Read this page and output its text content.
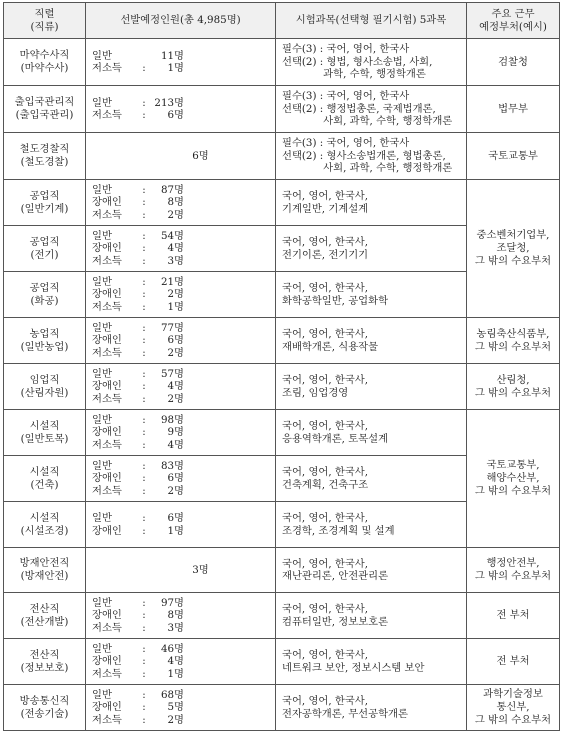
직렬
(직류)	선발예정인원(총 4,985명)	시험과목(선택형 필기시험) 5과목	주요 근무
예정부처(예시)

마약수사직
(마약수사)	일반 11명
저소득 : 1명	필수(3) : 국어, 영어, 한국사
선택(2) : 형법, 형사소송법, 사회,
　　　　과학, 수학, 행정학개론	검찰청

출입국관리직
(출입국관리)	일반 : 213명
저소득 : 6명	필수(3) : 국어, 영어, 한국사
선택(2) : 행정법총론, 국제법개론,
　　　　사회, 과학, 수학, 행정학개론	법무부

철도경찰직
(철도경찰)	6명	필수(3) : 국어, 영어, 한국사
선택(2) : 형사소송법개론, 형법총론,
　　　　사회, 과학, 수학, 행정학개론	국토교통부

공업직
(일반기계)	일반 : 87명
장애인 : 8명
저소득 : 2명	국어, 영어, 한국사,
기계일반, 기계설계	중소벤처기업부,
조달청,
그 밖의 수요부처

공업직
(전기)	일반 : 54명
장애인 : 4명
저소득 : 3명	국어, 영어, 한국사,
전기이론, 전기기기	

공업직
(화공)	일반 : 21명
장애인 : 2명
저소득 : 1명	국어, 영어, 한국사,
화학공학일반, 공업화학	

농업직
(일반농업)	일반 : 77명
장애인 : 6명
저소득 : 2명	국어, 영어, 한국사,
재배학개론, 식용작물	농림축산식품부,
그 밖의 수요부처

임업직
(산림자원)	일반 : 57명
장애인 : 4명
저소득 : 2명	국어, 영어, 한국사,
조림, 임업경영	산림청,
그 밖의 수요부처

시설직
(일반토목)	일반 : 98명
장애인 : 9명
저소득 : 4명	국어, 영어, 한국사,
응용역학개론, 토목설계	국토교통부,
해양수산부,
그 밖의 수요부처

시설직
(건축)	일반 : 83명
장애인 : 6명
저소득 : 2명	국어, 영어, 한국사,
건축계획, 건축구조	

시설직
(시설조경)	일반 : 6명
장애인 : 1명	국어, 영어, 한국사,
조경학, 조경계획 및 설계	

방재안전직
(방재안전)	3명	국어, 영어, 한국사,
재난관리론, 안전관리론	행정안전부,
그 밖의 수요부처

전산직
(전산개발)	일반 : 97명
장애인 : 8명
저소득 : 3명	국어, 영어, 한국사,
컴퓨터일반, 정보보호론	전 부처

전산직
(정보보호)	일반 : 46명
장애인 : 4명
저소득 : 1명	국어, 영어, 한국사,
네트워크 보안, 정보시스템 보안	전 부처

방송통신직
(전송기술)	일반 : 68명
장애인 : 5명
저소득 : 2명	국어, 영어, 한국사,
전자공학개론, 무선공학개론	과학기술정보
통신부,
그 밖의 수요부처
